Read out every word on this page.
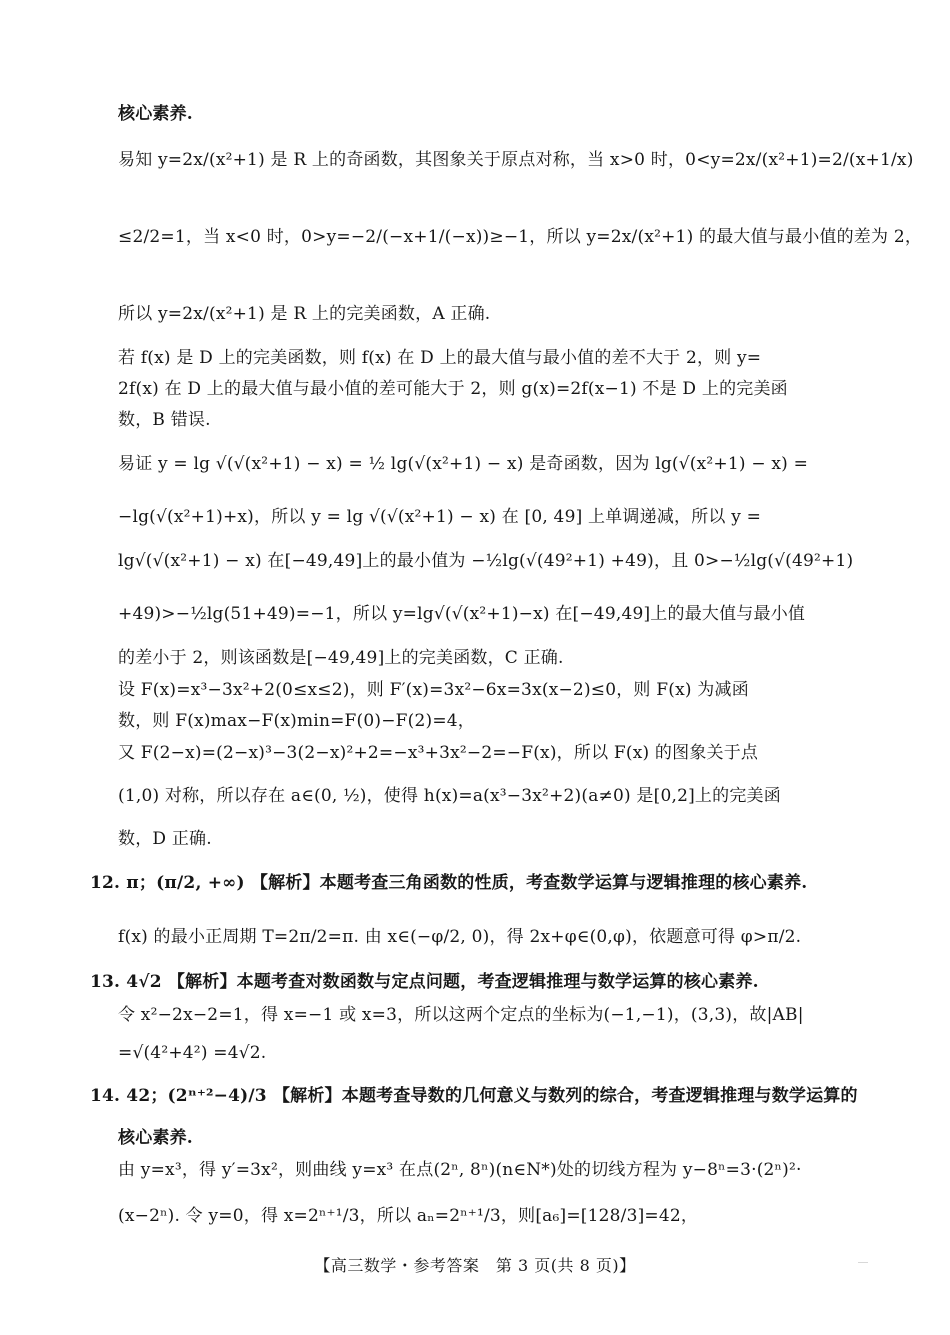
核心素养.
易知 y=2x/(x²+1) 是 R 上的奇函数，其图象关于原点对称，当 x>0 时，0<y=2x/(x²+1)=2/(x+1/x)
≤2/2=1，当 x<0 时，0>y=−2/(−x+1/(−x))≥−1，所以 y=2x/(x²+1) 的最大值与最小值的差为 2，
所以 y=2x/(x²+1) 是 R 上的完美函数，A 正确.
若 f(x) 是 D 上的完美函数，则 f(x) 在 D 上的最大值与最小值的差不大于 2，则 y=
2f(x) 在 D 上的最大值与最小值的差可能大于 2，则 g(x)=2f(x−1) 不是 D 上的完美函
数，B 错误.
易证 y = lg √(√(x²+1) − x) = ½ lg(√(x²+1) − x) 是奇函数，因为 lg(√(x²+1) − x) =
−lg(√(x²+1)+x)，所以 y = lg √(√(x²+1) − x) 在 [0, 49] 上单调递减，所以 y =
lg√(√(x²+1) − x) 在[−49,49]上的最小值为 −½lg(√(49²+1) +49)，且 0>−½lg(√(49²+1)
+49)>−½lg(51+49)=−1，所以 y=lg√(√(x²+1)−x) 在[−49,49]上的最大值与最小值
的差小于 2，则该函数是[−49,49]上的完美函数，C 正确.
设 F(x)=x³−3x²+2(0≤x≤2)，则 F′(x)=3x²−6x=3x(x−2)≤0，则 F(x) 为减函
数，则 F(x)max−F(x)min=F(0)−F(2)=4，
又 F(2−x)=(2−x)³−3(2−x)²+2=−x³+3x²−2=−F(x)，所以 F(x) 的图象关于点
(1,0) 对称，所以存在 a∈(0, ½)，使得 h(x)=a(x³−3x²+2)(a≠0) 是[0,2]上的完美函
数，D 正确.
12. π；(π/2, +∞) 【解析】本题考查三角函数的性质，考查数学运算与逻辑推理的核心素养.
f(x) 的最小正周期 T=2π/2=π. 由 x∈(−φ/2, 0)，得 2x+φ∈(0,φ)，依题意可得 φ>π/2.
13. 4√2 【解析】本题考查对数函数与定点问题，考查逻辑推理与数学运算的核心素养.
令 x²−2x−2=1，得 x=−1 或 x=3，所以这两个定点的坐标为(−1,−1)，(3,3)，故|AB|
=√(4²+4²) =4√2.
14. 42；(2ⁿ⁺²−4)/3 【解析】本题考查导数的几何意义与数列的综合，考查逻辑推理与数学运算的
核心素养.
由 y=x³，得 y′=3x²，则曲线 y=x³ 在点(2ⁿ, 8ⁿ)(n∈N*)处的切线方程为 y−8ⁿ=3·(2ⁿ)²·
(x−2ⁿ). 令 y=0，得 x=2ⁿ⁺¹/3，所以 aₙ=2ⁿ⁺¹/3，则[a₆]=[128/3]=42，
【高三数学・参考答案　第 3 页(共 8 页)】
